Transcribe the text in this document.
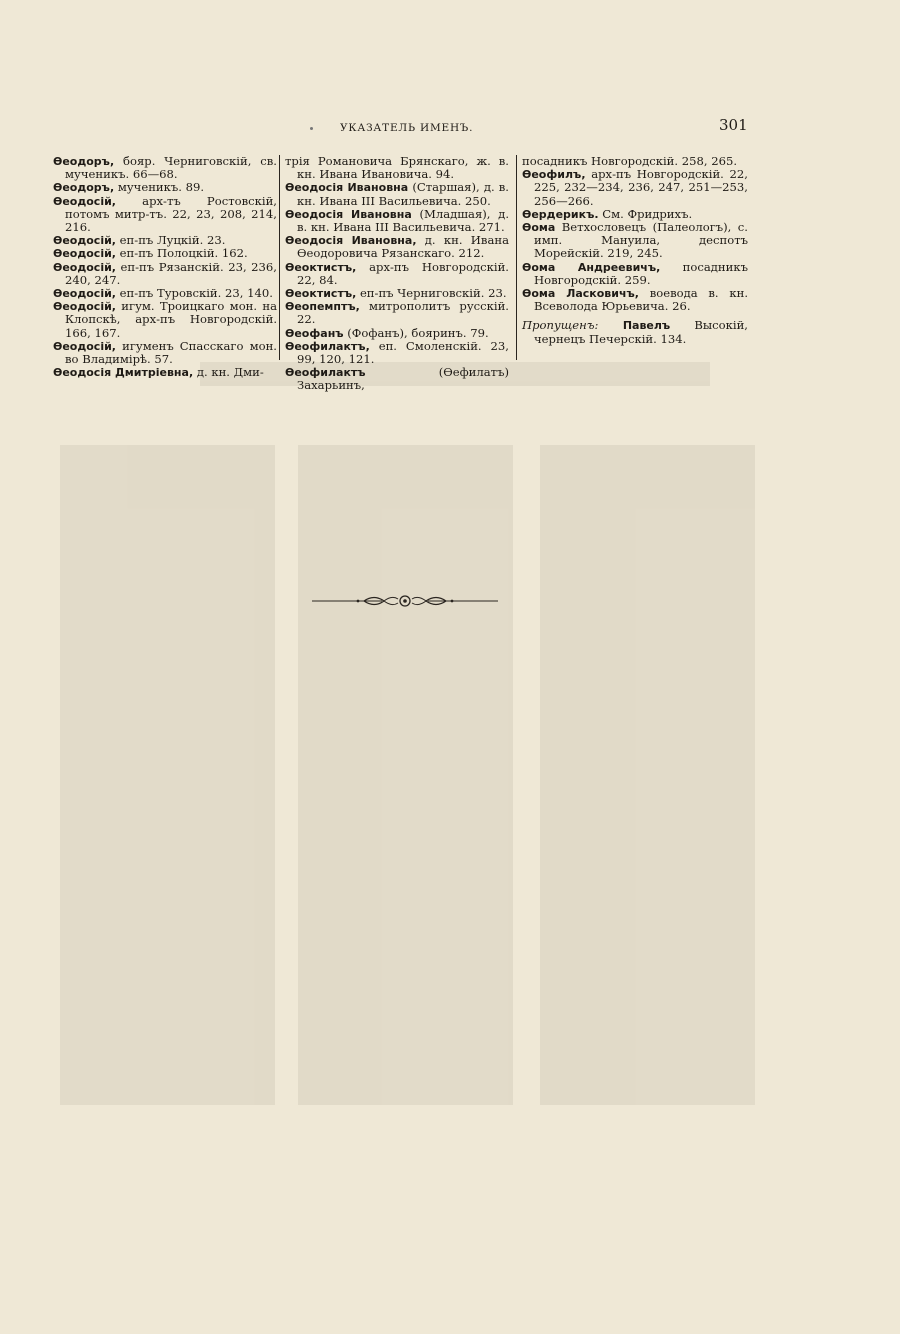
УКАЗАТЕЛЬ ИМЕНЪ.	301

Ѳеодоръ, бояр. Черниговскій, св. мученикъ. 66—68.

Ѳеодоръ, мученикъ. 89.

Ѳеодосій, арх-тъ Ростовскій, потомъ митр-тъ. 22, 23, 208, 214, 216.

Ѳеодосій, еп-пъ Луцкій. 23.

Ѳеодосій, еп-пъ Полоцкій. 162.

Ѳеодосій, еп-пъ Рязанскій. 23, 236, 240, 247.

Ѳеодосій, еп-пъ Туровскій. 23, 140.

Ѳеодосій, игум. Троицкаго мон. на Клопскѣ, арх-пъ Новгородскій. 166, 167.

Ѳеодосій, игуменъ Спасскаго мон. во Владимірѣ. 57.

Ѳеодосія Дмитріевна, д. кн. Дми-

трія Романовича Брянскаго, ж. в. кн. Ивана Ивановича. 94.

Ѳеодосія Ивановна (Старшая), д. в. кн. Ивана III Васильевича. 250.

Ѳеодосія Ивановна (Младшая), д. в. кн. Ивана III Васильевича. 271.

Ѳеодосія Ивановна, д. кн. Ивана Ѳеодоровича Рязанскаго. 212.

Ѳеоктистъ, арх-пъ Новгородскій. 22, 84.

Ѳеоктистъ, еп-пъ Черниговскій. 23.

Ѳеопемптъ, митрополитъ русскій. 22.

Ѳеофанъ (Фофанъ), бояринъ. 79.

Ѳеофилактъ, еп. Смоленскій. 23, 99, 120, 121.

Ѳеофилактъ (Ѳефилатъ) Захарьинъ,

посадникъ Новгородскій. 258, 265.

Ѳеофилъ, арх-пъ Новгородскій. 22, 225, 232—234, 236, 247, 251—253, 256—266.

Ѳердерикъ. См. Фридрихъ.

Ѳома Ветхословецъ (Палеологъ), с. имп. Мануила, деспотъ Морейскій. 219, 245.

Ѳома Андреевичъ, посадникъ Новгородскій. 259.

Ѳома Ласковичъ, воевода в. кн. Всеволода Юрьевича. 26.

Пропущенъ: Павелъ Высокій, чернецъ Печерскій. 134.
